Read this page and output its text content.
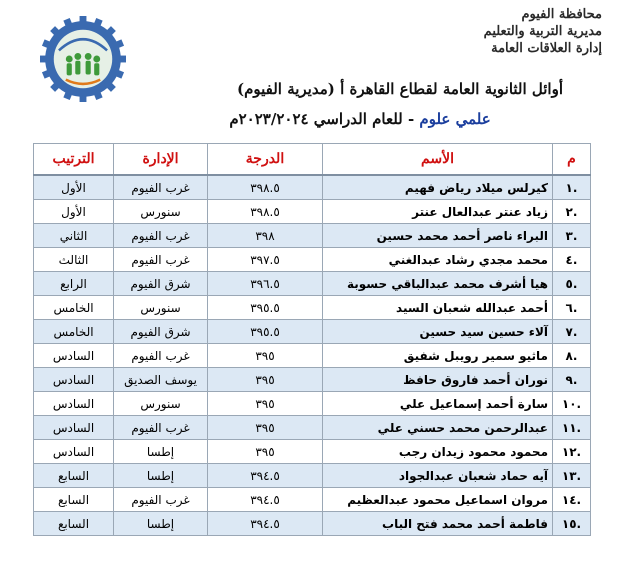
محافظة الفيوم
مديرية التربية والتعليم
إدارة العلاقات العامة
أوائل الثانوية العامة لقطاع القاهرة أ (مديرية الفيوم)
علمي علوم - للعام الدراسي ٢٠٢٣/٢٠٢٤م
م	الأسم	الدرجة	الإدارة	الترتيب
.١	كيرلس ميلاد رياض فهيم	٣٩٨.٥	غرب الفيوم	الأول
.٢	زياد عنتر عبدالعال عنتر	٣٩٨.٥	سنورس	الأول
.٣	البراء ناصر أحمد محمد حسين	٣٩٨	غرب الفيوم	الثاني
.٤	محمد مجدي رشاد عبدالغني	٣٩٧.٥	غرب الفيوم	الثالث
.٥	هيا أشرف محمد عبدالباقي حسوبة	٣٩٦.٥	شرق الفيوم	الرابع
.٦	أحمد عبدالله شعبان السيد	٣٩٥.٥	سنورس	الخامس
.٧	آلاء حسين سيد حسين	٣٩٥.٥	شرق الفيوم	الخامس
.٨	ماثيو سمير رويبل شفيق	٣٩٥	غرب الفيوم	السادس
.٩	نوران أحمد فاروق حافظ	٣٩٥	يوسف الصديق	السادس
.١٠	سارة أحمد إسماعيل علي	٣٩٥	سنورس	السادس
.١١	عبدالرحمن محمد حسني علي	٣٩٥	غرب الفيوم	السادس
.١٢	محمود محمود زيدان رجب	٣٩٥	إطسا	السادس
.١٣	آيه حماد شعبان عبدالجواد	٣٩٤.٥	إطسا	السابع
.١٤	مروان اسماعيل محمود عبدالعظيم	٣٩٤.٥	غرب الفيوم	السابع
.١٥	فاطمة أحمد محمد فتح الباب	٣٩٤.٥	إطسا	السابع
